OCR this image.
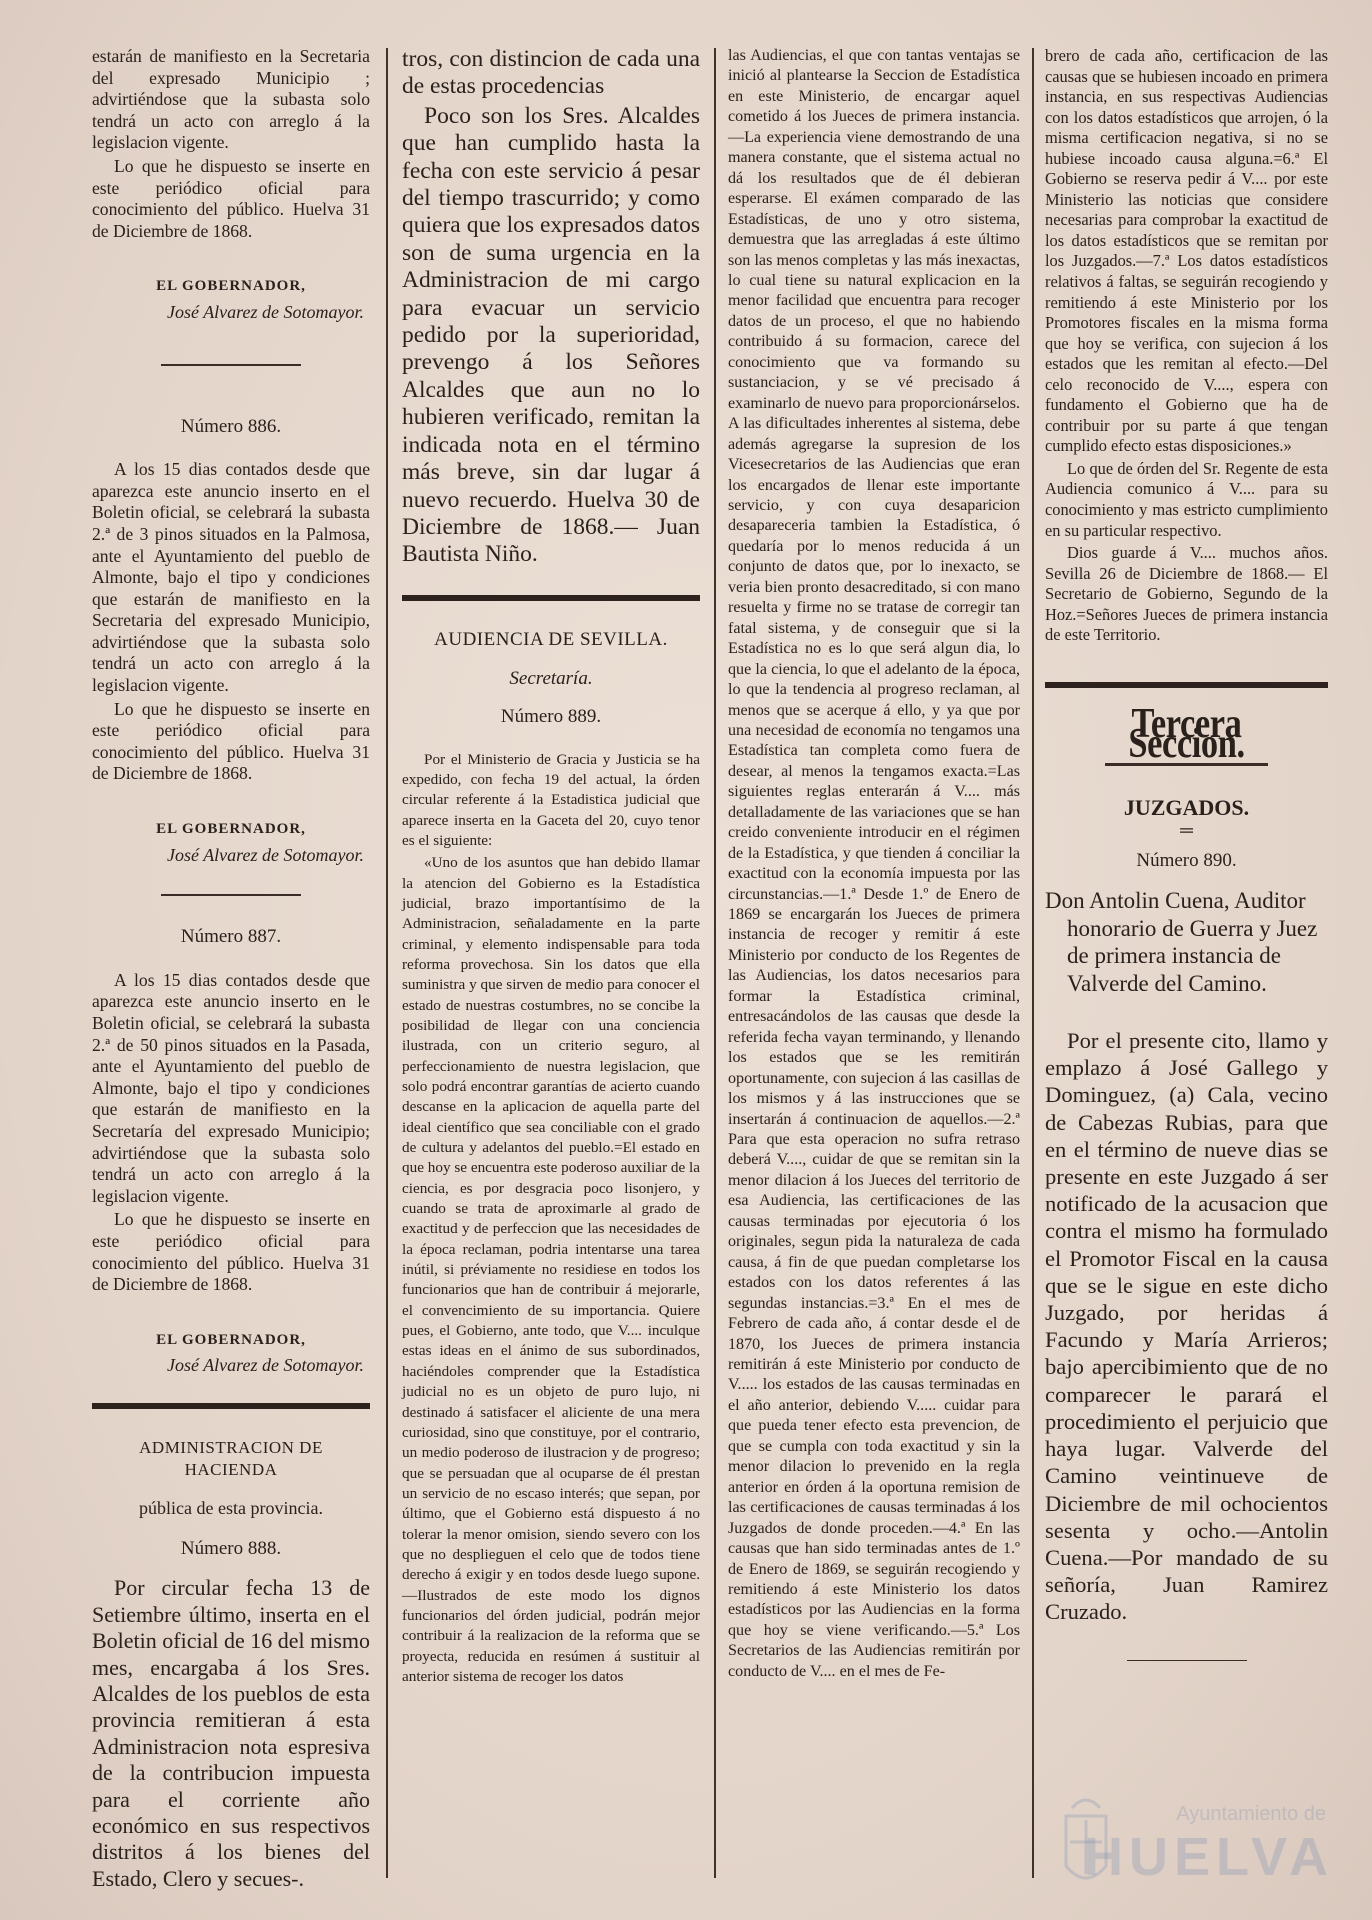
estarán de manifiesto en la Secretaria del expresado Municipio ; advirtiéndose que la subasta solo tendrá un acto con arreglo á la legislacion vigente.

Lo que he dispuesto se inserte en este periódico oficial para conocimiento del público. Huelva 31 de Diciembre de 1868.

EL GOBERNADOR,
José Alvarez de Sotomayor.
Número 886.

A los 15 dias contados desde que aparezca este anuncio inserto en el Boletin oficial, se celebrará la subasta 2.ª de 3 pinos situados en la Palmosa, ante el Ayuntamiento del pueblo de Almonte, bajo el tipo y condiciones que estarán de manifiesto en la Secretaria del expresado Municipio, advirtiéndose que la subasta solo tendrá un acto con arreglo á la legislacion vigente.

Lo que he dispuesto se inserte en este periódico oficial para conocimiento del público. Huelva 31 de Diciembre de 1868.

EL GOBERNADOR,
José Alvarez de Sotomayor.
Número 887.

A los 15 dias contados desde que aparezca este anuncio inserto en le Boletin oficial, se celebrará la subasta 2.ª de 50 pinos situados en la Pasada, ante el Ayuntamiento del pueblo de Almonte, bajo el tipo y condiciones que estarán de manifiesto en la Secretaría del expresado Municipio; advirtiéndose que la subasta solo tendrá un acto con arreglo á la legislacion vigente.

Lo que he dispuesto se inserte en este periódico oficial para conocimiento del público. Huelva 31 de Diciembre de 1868.

EL GOBERNADOR,
José Alvarez de Sotomayor.
ADMINISTRACION DE HACIENDA
pública de esta provincia.
Número 888.

Por circular fecha 13 de Setiembre último, inserta en el Boletin oficial de 16 del mismo mes, encargaba á los Sres. Alcaldes de los pueblos de esta provincia remitieran á esta Administracion nota espresiva de la contribucion impuesta para el corriente año económico en sus respectivos distritos á los bienes del Estado, Clero y secues-.

tros, con distincion de cada una de estas procedencias

Poco son los Sres. Alcaldes que han cumplido hasta la fecha con este servicio á pesar del tiempo trascurrido; y como quiera que los expresados datos son de suma urgencia en la Administracion de mi cargo para evacuar un servicio pedido por la superioridad, prevengo á los Señores Alcaldes que aun no lo hubieren verificado, remitan la indicada nota en el término más breve, sin dar lugar á nuevo recuerdo. Huelva 30 de Diciembre de 1868.— Juan Bautista Niño.

AUDIENCIA DE SEVILLA.
Secretaría.
Número 889.

Por el Ministerio de Gracia y Justicia se ha expedido, con fecha 19 del actual, la órden circular referente á la Estadistica judicial que aparece inserta en la Gaceta del 20, cuyo tenor es el siguiente:

«Uno de los asuntos que han debido llamar la atencion del Gobierno es la Estadística judicial, brazo importantísimo de la Administracion, señaladamente en la parte criminal, y elemento indispensable para toda reforma provechosa. Sin los datos que ella suministra y que sirven de medio para conocer el estado de nuestras costumbres, no se concibe la posibilidad de llegar con una conciencia ilustrada, con un criterio seguro, al perfeccionamiento de nuestra legislacion, que solo podrá encontrar garantías de acierto cuando descanse en la aplicacion de aquella parte del ideal científico que sea conciliable con el grado de cultura y adelantos del pueblo.=El estado en que hoy se encuentra este poderoso auxiliar de la ciencia, es por desgracia poco lisonjero, y cuando se trata de aproximarle al grado de exactitud y de perfeccion que las necesidades de la época reclaman, podria intentarse una tarea inútil, si préviamente no residiese en todos los funcionarios que han de contribuir á mejorarle, el convencimiento de su importancia. Quiere pues, el Gobierno, ante todo, que V.... inculque estas ideas en el ánimo de sus subordinados, haciéndoles comprender que la Estadística judicial no es un objeto de puro lujo, ni destinado á satisfacer el aliciente de una mera curiosidad, sino que constituye, por el contrario, un medio poderoso de ilustracion y de progreso; que se persuadan que al ocuparse de él prestan un servicio de no escaso interés; que sepan, por último, que el Gobierno está dispuesto á no tolerar la menor omision, siendo severo con los que no desplieguen el celo que de todos tiene derecho á exigir y en todos desde luego supone.—Ilustrados de este modo los dignos funcionarios del órden judicial, podrán mejor contribuir á la realizacion de la reforma que se proyecta, reducida en resúmen á sustituir al anterior sistema de recoger los datos

las Audiencias, el que con tantas ventajas se inició al plantearse la Seccion de Estadística en este Ministerio, de encargar aquel cometido á los Jueces de primera instancia.—La experiencia viene demostrando de una manera constante, que el sistema actual no dá los resultados que de él debieran esperarse. El exámen comparado de las Estadísticas, de uno y otro sistema, demuestra que las arregladas á este último son las menos completas y las más inexactas, lo cual tiene su natural explicacion en la menor facilidad que encuentra para recoger datos de un proceso, el que no habiendo contribuido á su formacion, carece del conocimiento que va formando su sustanciacion, y se vé precisado á examinarlo de nuevo para proporcionárselos. A las dificultades inherentes al sistema, debe además agregarse la supresion de los Vicesecretarios de las Audiencias que eran los encargados de llenar este importante servicio, y con cuya desaparicion desapareceria tambien la Estadística, ó quedaría por lo menos reducida á un conjunto de datos que, por lo inexacto, se veria bien pronto desacreditado, si con mano resuelta y firme no se tratase de corregir tan fatal sistema, y de conseguir que si la Estadística no es lo que será algun dia, lo que la ciencia, lo que el adelanto de la época, lo que la tendencia al progreso reclaman, al menos que se acerque á ello, y ya que por una necesidad de economía no tengamos una Estadística tan completa como fuera de desear, al menos la tengamos exacta.=Las siguientes reglas enterarán á V.... más detalladamente de las variaciones que se han creido conveniente introducir en el régimen de la Estadística, y que tienden á conciliar la exactitud con la economía impuesta por las circunstancias.—1.ª Desde 1.º de Enero de 1869 se encargarán los Jueces de primera instancia de recoger y remitir á este Ministerio por conducto de los Regentes de las Audiencias, los datos necesarios para formar la Estadística criminal, entresacándolos de las causas que desde la referida fecha vayan terminando, y llenando los estados que se les remitirán oportunamente, con sujecion á las casillas de los mismos y á las instrucciones que se insertarán á continuacion de aquellos.—2.ª Para que esta operacion no sufra retraso deberá V...., cuidar de que se remitan sin la menor dilacion á los Jueces del territorio de esa Audiencia, las certificaciones de las causas terminadas por ejecutoria ó los originales, segun pida la naturaleza de cada causa, á fin de que puedan completarse los estados con los datos referentes á las segundas instancias.=3.ª En el mes de Febrero de cada año, á contar desde el de 1870, los Jueces de primera instancia remitirán á este Ministerio por conducto de V..... los estados de las causas terminadas en el año anterior, debiendo V..... cuidar para que pueda tener efecto esta prevencion, de que se cumpla con toda exactitud y sin la menor dilacion lo prevenido en la regla anterior en órden á la oportuna remision de las certificaciones de causas terminadas á los Juzgados de donde proceden.—4.ª En las causas que han sido terminadas antes de 1.º de Enero de 1869, se seguirán recogiendo y remitiendo á este Ministerio los datos estadísticos por las Audiencias en la forma que hoy se viene verificando.—5.ª Los Secretarios de las Audiencias remitirán por conducto de V.... en el mes de Fe-

brero de cada año, certificacion de las causas que se hubiesen incoado en primera instancia, en sus respectivas Audiencias con los datos estadísticos que arrojen, ó la misma certificacion negativa, si no se hubiese incoado causa alguna.=6.ª El Gobierno se reserva pedir á V.... por este Ministerio las noticias que considere necesarias para comprobar la exactitud de los datos estadísticos que se remitan por los Juzgados.—7.ª Los datos estadísticos relativos á faltas, se seguirán recogiendo y remitiendo á este Ministerio por los Promotores fiscales en la misma forma que hoy se verifica, con sujecion á los estados que les remitan al efecto.—Del celo reconocido de V...., espera con fundamento el Gobierno que ha de contribuir por su parte á que tengan cumplido efecto estas disposiciones.»

Lo que de órden del Sr. Regente de esta Audiencia comunico á V.... para su conocimiento y mas estricto cumplimiento en su particular respectivo.

Dios guarde á V.... muchos años. Sevilla 26 de Diciembre de 1868.— El Secretario de Gobierno, Segundo de la Hoz.=Señores Jueces de primera instancia de este Territorio.

Tercera Seccion.
JUZGADOS.
═
Número 890.

Don Antolin Cuena, Auditor honorario de Guerra y Juez de primera instancia de Valverde del Camino.

Por el presente cito, llamo y emplazo á José Gallego y Dominguez, (a) Cala, vecino de Cabezas Rubias, para que en el término de nueve dias se presente en este Juzgado á ser notificado de la acusacion que contra el mismo ha formulado el Promotor Fiscal en la causa que se le sigue en este dicho Juzgado, por heridas á Facundo y María Arrieros; bajo apercibimiento que de no comparecer le parará el procedimiento el perjuicio que haya lugar. Valverde del Camino veintinueve de Diciembre de mil ochocientos sesenta y ocho.—Antolin Cuena.—Por mandado de su señoría, Juan Ramirez Cruzado.

Ayuntamiento de
HUELVA
